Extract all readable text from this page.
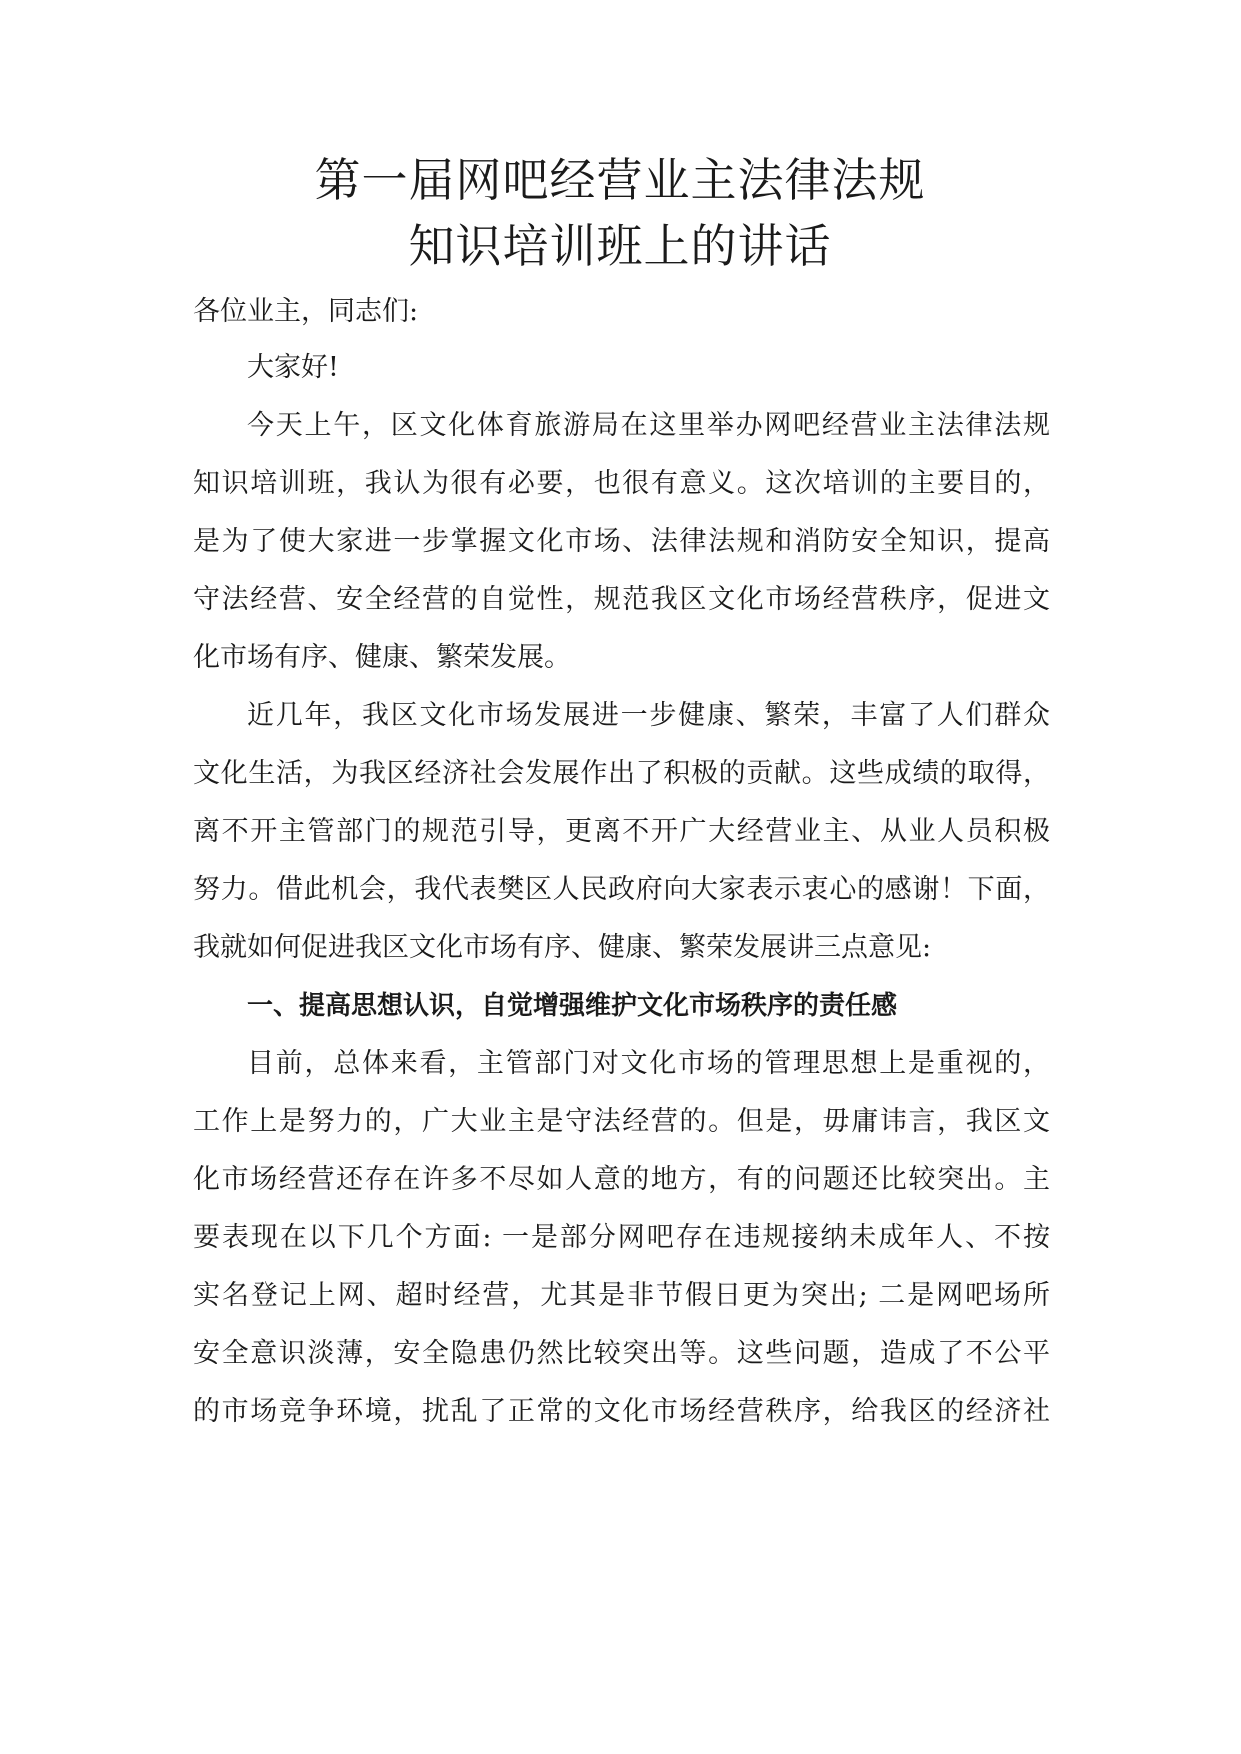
第一届网吧经营业主法律法规
知识培训班上的讲话
各位业主，同志们:
大家好!
今天上午，区文化体育旅游局在这里举办网吧经营业主法律法规
知识培训班，我认为很有必要，也很有意义。这次培训的主要目的，
是为了使大家进一步掌握文化市场、法律法规和消防安全知识，提高
守法经营、安全经营的自觉性，规范我区文化市场经营秩序，促进文
化市场有序、健康、繁荣发展。
近几年，我区文化市场发展进一步健康、繁荣，丰富了人们群众
文化生活，为我区经济社会发展作出了积极的贡献。这些成绩的取得，
离不开主管部门的规范引导，更离不开广大经营业主、从业人员积极
努力。借此机会，我代表樊区人民政府向大家表示衷心的感谢！下面，
我就如何促进我区文化市场有序、健康、繁荣发展讲三点意见:
一、提高思想认识，自觉增强维护文化市场秩序的责任感
目前，总体来看，主管部门对文化市场的管理思想上是重视的，
工作上是努力的，广大业主是守法经营的。但是，毋庸讳言，我区文
化市场经营还存在许多不尽如人意的地方，有的问题还比较突出。主
要表现在以下几个方面: 一是部分网吧存在违规接纳未成年人、不按
实名登记上网、超时经营，尤其是非节假日更为突出; 二是网吧场所
安全意识淡薄，安全隐患仍然比较突出等。这些问题，造成了不公平
的市场竞争环境，扰乱了正常的文化市场经营秩序，给我区的经济社
